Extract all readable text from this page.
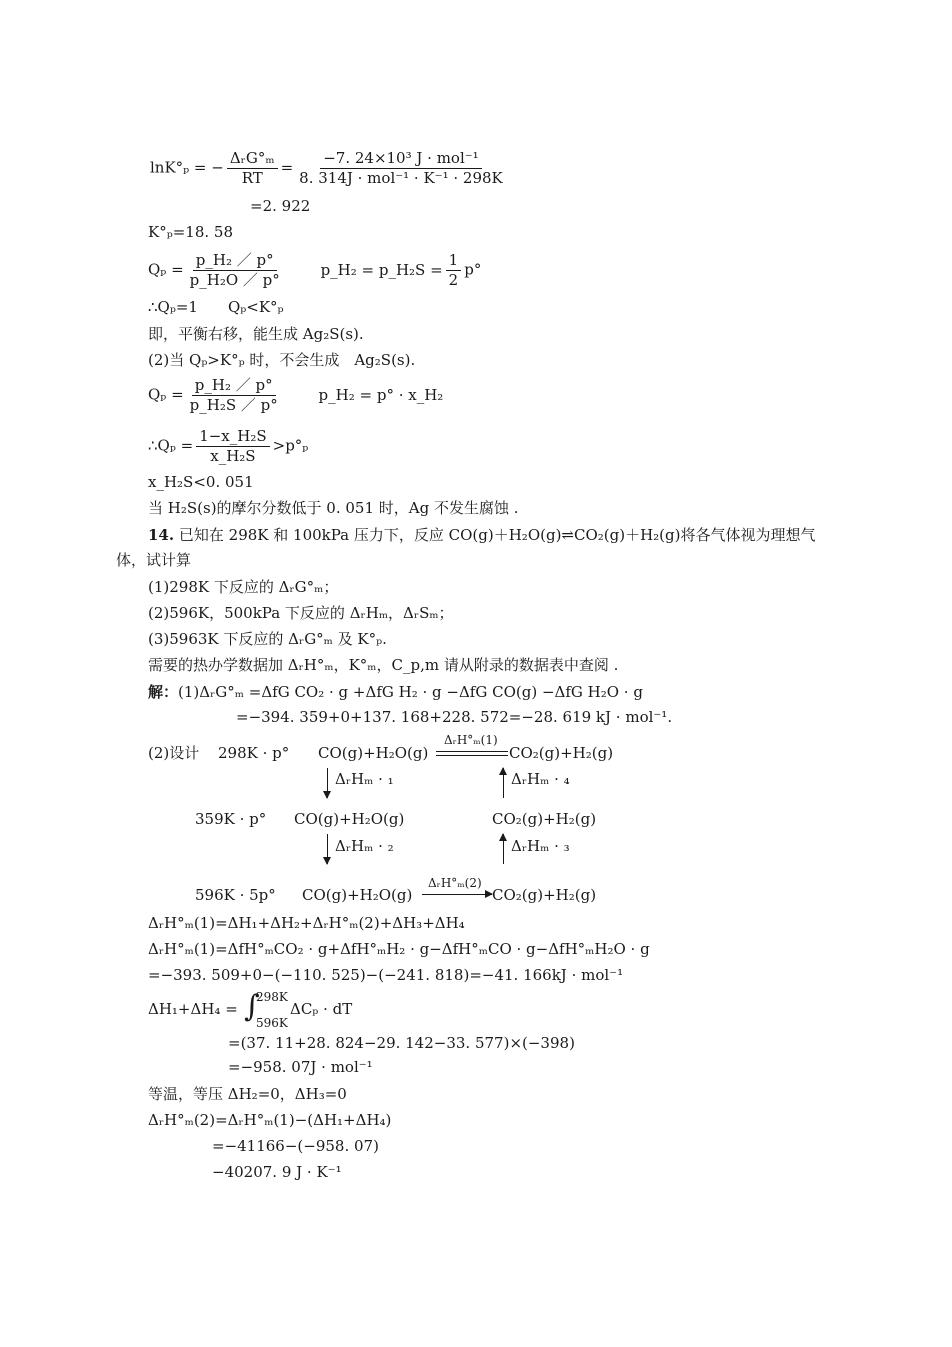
lnK°ₚ = − $\frac{\text{ΔᵣG°ₘ}}{RT} = \frac{\text{−7. 24×10³ J · mol⁻¹}}{\text{8. 314J · mol⁻¹ · K⁻¹ · 298K}}$
=2. 922
K°ₚ=18. 58
$Q_p = \frac{\text{p\_H₂ ／ p°}}{\text{p\_H₂O ／ p°}}$	p_H₂ = p_H₂S = $\frac{1}{2} p^\circ$
∴Qₚ=1　　Qₚ<K°ₚ
即，平衡右移，能生成 Ag₂S(s).
(2)当 Qₚ>K°ₚ 时，不会生成　Ag₂S(s).
$Q_p = \frac{\text{p\_H₂ ／ p°}}{\text{p\_H₂S ／ p°}}$	p_H₂ = p° · x_H₂
∴Qₚ = $\frac{\text{1−x\_H₂S}}{\text{x\_H₂S}} >p^\circ_p$
x_H₂S<0. 051
当 H₂S(s)的摩尔分数低于 0. 051 时，Ag 不发生腐蚀 .
14. 已知在 298K 和 100kPa 压力下，反应 CO(g)＋H₂O(g)⇌CO₂(g)＋H₂(g)将各气体视为理想气
体，试计算
(1)298K 下反应的 ΔᵣG°ₘ；
(2)596K，500kPa 下反应的 ΔᵣHₘ，ΔᵣSₘ；
(3)5963K 下反应的 ΔᵣG°ₘ 及 K°ₚ.
需要的热办学数据加 ΔᵣH°ₘ，K°ₘ，C_p,m 请从附录的数据表中查阅 .
解：(1)ΔᵣG°ₘ =ΔfG CO₂ · g +ΔfG H₂ · g −ΔfG CO(g) −ΔfG H₂O · g
=−394. 359+0+137. 168+228. 572=−28. 619 kJ · mol⁻¹.
(2)设计 298K · p° CO(g)+H₂O(g)
ΔᵣH°ₘ(1)
CO₂(g)+H₂(g)
ΔᵣHₘ · ₁	ΔᵣHₘ · ₄
359K · p° CO(g)+H₂O(g)	CO₂(g)+H₂(g)
ΔᵣHₘ · ₂	ΔᵣHₘ · ₃
596K · 5p° CO(g)+H₂O(g)
ΔᵣH°ₘ(2)
CO₂(g)+H₂(g)
ΔᵣH°ₘ(1)=ΔH₁+ΔH₂+ΔᵣH°ₘ(2)+ΔH₃+ΔH₄
ΔᵣH°ₘ(1)=ΔfH°ₘCO₂ · g+ΔfH°ₘH₂ · g−ΔfH°ₘCO · g−ΔfH°ₘH₂O · g
=−393. 509+0−(−110. 525)−(−241. 818)=−41. 166kJ · mol⁻¹
ΔH₁+ΔH₄ = ∫
298K
596K
ΔCₚ · dT
=(37. 11+28. 824−29. 142−33. 577)×(−398)
=−958. 07J · mol⁻¹
等温，等压 ΔH₂=0，ΔH₃=0
ΔᵣH°ₘ(2)=ΔᵣH°ₘ(1)−(ΔH₁+ΔH₄)
=−41166−(−958. 07)
−40207. 9 J · K⁻¹
